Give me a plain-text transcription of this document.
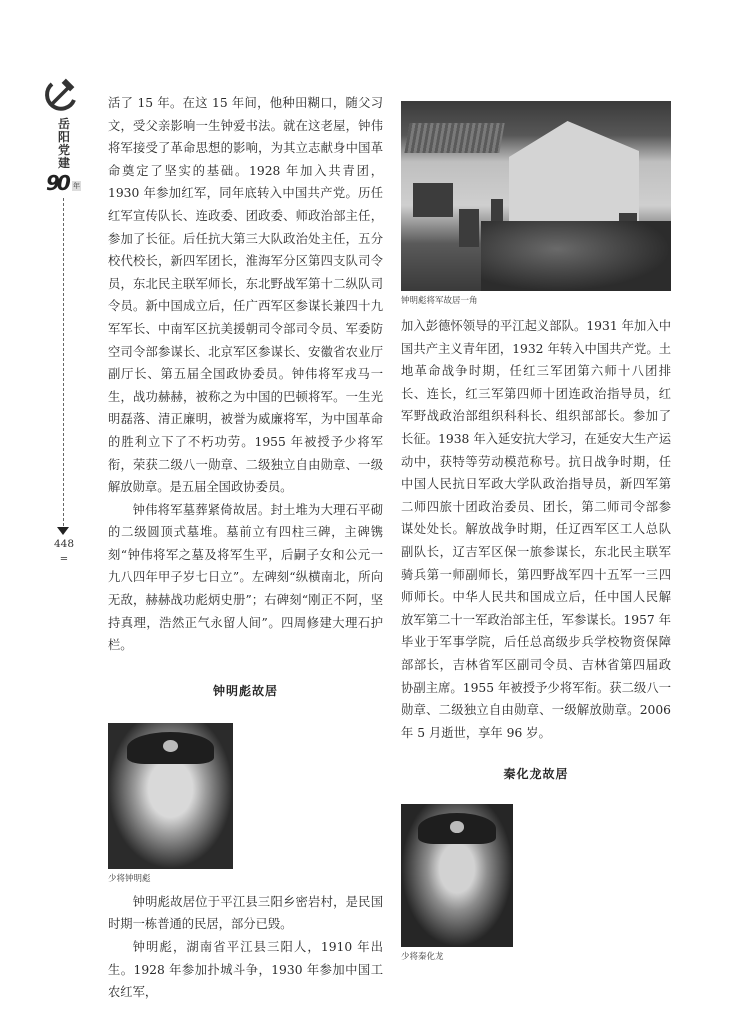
岳
阳
党
建
90 年
448
=

活了 15 年。在这 15 年间，他种田糊口，随父习文，受父亲影响一生钟爱书法。就在这老屋，钟伟将军接受了革命思想的影响，为其立志献身中国革命奠定了坚实的基础。1928 年加入共青团，1930 年参加红军，同年底转入中国共产党。历任红军宣传队长、连政委、团政委、师政治部主任，参加了长征。后任抗大第三大队政治处主任，五分校代校长，新四军团长，淮海军分区第四支队司令员，东北民主联军师长，东北野战军第十二纵队司令员。新中国成立后，任广西军区参谋长兼四十九军军长、中南军区抗美援朝司令部司令员、军委防空司令部参谋长、北京军区参谋长、安徽省农业厅副厅长、第五届全国政协委员。钟伟将军戎马一生，战功赫赫，被称之为中国的巴顿将军。一生光明磊落、清正廉明，被誉为威廉将军，为中国革命的胜利立下了不朽功劳。1955 年被授予少将军衔，荣获二级八一勋章、二级独立自由勋章、一级解放勋章。是五届全国政协委员。

钟伟将军墓葬紧倚故居。封土堆为大理石平砌的二级圆顶式墓堆。墓前立有四柱三碑，主碑镌刻“钟伟将军之墓及将军生平，后嗣子女和公元一九八四年甲子岁七日立”。左碑刻“纵横南北，所向无敌，赫赫战功彪炳史册”；右碑刻“刚正不阿，坚持真理，浩然正气永留人间”。四周修建大理石护栏。

钟明彪故居
少将钟明彪

钟明彪故居位于平江县三阳乡密岩村，是民国时期一栋普通的民居，部分已毁。

钟明彪，湖南省平江县三阳人，1910 年出生。1928 年参加扑城斗争，1930 年参加中国工农红军，

钟明彪将军故居一角

加入彭德怀领导的平江起义部队。1931 年加入中国共产主义青年团，1932 年转入中国共产党。土地革命战争时期，任红三军团第六师十八团排长、连长，红三军第四师十团连政治指导员，红军野战政治部组织科科长、组织部部长。参加了长征。1938 年入延安抗大学习，在延安大生产运动中，获特等劳动模范称号。抗日战争时期，任中国人民抗日军政大学队政治指导员，新四军第二师四旅十团政治委员、团长，第二师司令部参谋处处长。解放战争时期，任辽西军区工人总队副队长，辽吉军区保一旅参谋长，东北民主联军骑兵第一师副师长，第四野战军四十五军一三四师师长。中华人民共和国成立后，任中国人民解放军第二十一军政治部主任，军参谋长。1957 年毕业于军事学院，后任总高级步兵学校物资保障部部长，吉林省军区副司令员、吉林省第四届政协副主席。1955 年被授予少将军衔。获二级八一勋章、二级独立自由勋章、一级解放勋章。2006 年 5 月逝世，享年 96 岁。

秦化龙故居
少将秦化龙
